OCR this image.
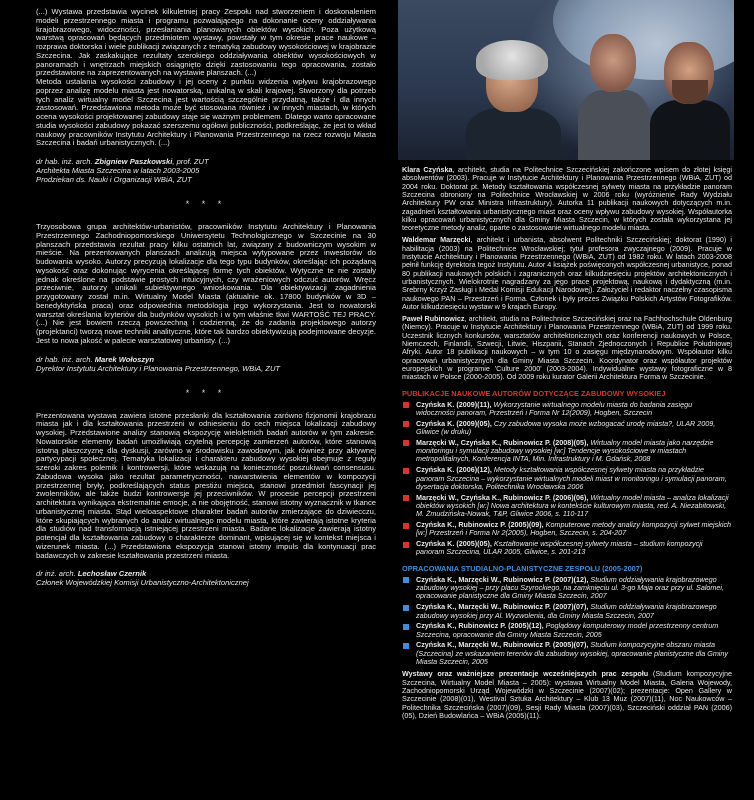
(...) Wystawa przedstawia wycinek kilkuletniej pracy Zespołu nad stworzeniem i doskonaleniem modeli przestrzennego miasta i programu pozwalającego na dokonanie oceny oddziaływania krajobrazowego, widoczności, przesłaniania planowanych obiektów wysokich. Poza użytkową warstwą opracowań będących przedmiotem wystawy, powstały w tym okresie prace naukowe – rozprawa doktorska i wiele publikacji związanych z tematyką zabudowy wysokościowej w krajobrazie Szczecina. Jak zaskakujące rezultaty szerokiego oddziaływania obiektów wysokościowych w panoramach i wnętrzach miejskich osiągnięto dzięki zastosowaniu tego opracowania, zostało przedstawione na zaprezentowanych na wystawie planszach. (...)

Metoda ustalania wysokości zabudowy i jej oceny z punktu widzenia wpływu krajobrazowego poprzez analizę modelu miasta jest nowatorską, unikalną w skali krajowej. Stworzony dla potrzeb tych analiz wirtualny model Szczecina jest wartością szczególnie przydatną, także i dla innych zastosowań. Przedstawiona metoda może być stosowana również i w innych miastach, w których ocena wysokości projektowanej zabudowy staje się ważnym problemem. Dlatego warto opracowane studia wysokości zabudowy pokazać szerszemu ogółowi publiczności, podkreślając, że jest to wkład naukowy pracowników Instytutu Architektury i Planowania Przestrzennego na rzecz rozwoju Miasta Szczecina i badań urbanistycznych. (...)

dr hab. inż. arch. Zbigniew Paszkowski, prof. ZUT
Architekta Miasta Szczecina w latach 2003-2005
Prodziekan ds. Nauki i Organizacji WBiA, ZUT
* * *

Trzyosobowa grupa architektów-urbanistów, pracowników Instytutu Architektury i Planowania Przestrzennego Zachodniopomorskiego Uniwersytetu Technologicznego w Szczecinie na 30 planszach przedstawia rezultat pracy kilku ostatnich lat, związany z budowniczym wysokim w mieście. Na prezentowanych planszach analizują miejsca wytypowane przez inwestorów do budowania wysoko. Autorzy precyzują lokalizacje dla tego typu budynków, określając ich pożądaną wysokość oraz dokonując wyrycenia określającej formę tych obiektów. Wytyczne te nie zostały jednak określone na podstawie prostych intuicyjnych, czy wrażeniowych odczuć autorów. Wręcz przeciwnie, autorzy unikali subiektywnego wnioskowania. Dla obiektywizacji zagadnienia przygotowany został m.in. Wirtualny Model Miasta (aktualnie ok. 17800 budynków w 3D – benedyktyńska praca) oraz odpowiednia metodologia jego wykorzystania. Jest to nowatorski warsztat określania kryteriów dla budynków wysokich i w tym właśnie tkwi WARTOŚĆ TEJ PRACY. (...) Nie jest bowiem rzeczą powszechną i codzienną, że do zadania projektowego autorzy (projektanci) tworzą nowe techniki analityczne, które tak bardzo obiektywizują podejmowane decyzje. Jest to nowa jakość w palecie warsztatowej urbanisty. (...)

dr hab. inż. arch. Marek Wołoszyn
Dyrektor Instytutu Architektury i Planowania Przestrzennego, WBiA, ZUT
* * *

Prezentowana wystawa zawiera istotne przesłanki dla kształtowania zarówno fizjonomii krajobrazu miasta jak i dla kształtowania przestrzeni w odniesieniu do cech miejsca lokalizacji zabudowy wysokiej. Przedstawione analizy stanowią ekspozycję wieloletnich badań autorów w tym zakresie. Nowatorskie elementy badań umożliwiają czytelną percepcję zamierzeń autorów, które stanowią istotną płaszczyznę dla dyskusji, zarówno w środowisku zawodowym, jak również przy aktywnej partycypacji społecznej. Tematyka lokalizacji i charakteru zabudowy wysokiej obejmuje z reguły szeroki zakres polemik i kontrowersji, które wskazują na konieczność poszukiwań consensusu. Zabudowa wysoka jako rezultat parametryczności, nawarstwienia elementów w kompozycji przestrzennej bryły, podkreślających status prestiżu miejsca, stanowi przedmiot fascynacji jej zwolenników, ale także budzi kontrowersje jej przeciwników. W procesie percepcji przestrzeni architektura wynikająca ekstremalnie emocje, a nie obojętność, stanowi istotny wyznacznik w tkance urbanistycznej miasta. Stąd wieloaspektowe charakter badań autorów zmierzające do dziwiecczu, które skupiających wybranych do analiz wirtualnego modelu miasta, które zawierają istotne kryteria dla studiów nad transformacją istniejącej przestrzeni miasta. Badane lokalizacje zawierają istotny potencjał dla kształtowania zabudowy o charakterze dominant, wpisującej się w kontekst miejsca i wizerunek miasta. (...) Przedstawiona ekspozycja stanowi istotny impuls dla kontynuacji prac badawczych w zakresie kształtowania przestrzeni miasta.

dr inż. arch. Lechosław Czernik
Członek Wojewódzkiej Komisji Urbanistyczno-Architektonicznej

Klara Czyńska, architekt, studia na Politechnice Szczecińskiej zakończone wpisem do złotej księgi absolwentów (2003). Pracuje w Instytucie Architektury i Planowania Przestrzennego (WBiA, ZUT) od 2004 roku. Doktorat pt. Metody kształtowania współczesnej sylwety miasta na przykładzie panoram Szczecina obroniony na Politechnice Wrocławskiej w 2006 roku (wyróżnienie Rady Wydziału Architektury PW oraz Ministra Infrastruktury). Autorka 11 publikacji naukowych dotyczących m.in. zagadnień kształtowania urbanistycznego miast oraz oceny wpływu zabudowy wysokiej. Współautorka kilku opracowań urbanistycznych dla Gminy Miasta Szczecin, w których została wykorzystana jej teoretyczne metody analiz, oparte o zastosowanie wirtualnego modelu miasta.

Waldemar Marzęcki, architekt i urbanista, absolwent Politechniki Szczecińskiej; doktorat (1990) i habilitacja (2003) na Politechnice Wrocławskiej; tytuł profesora zwyczajnego (2009). Pracuje w Instytucie Architektury i Planowania Przestrzennego (WBiA, ZUT) od 1982 roku. W latach 2003-2008 pełnił funkcję dyrektora tegoż Instytutu. Autor 4 książek poświęconych współczesnej urbanistyce, ponad 80 publikacji naukowych polskich i zagranicznych oraz kilkudziesięciu projektów architektonicznych i urbanistycznych. Wielokrotnie nagradzany za jego prace projektową, naukową i dydaktyczną (m.in. Srebrny Krzyż Zasługi i Medal Komisji Edukacji Narodowej). Założyciel i redaktor naczelny czasopisma naukowego PAN – Przestrzeń i Forma. Członek i były prezes Związku Polskich Artystów Fotografików. Autor kilkudziesięciu wystaw w 9 krajach Europy.

Paweł Rubinowicz, architekt, studia na Politechnice Szczecińskiej oraz na Fachhochschule Oldenburg (Niemcy). Pracuje w Instytucie Architektury i Planowania Przestrzennego (WBiA, ZUT) od 1999 roku. Uczestnik licznych konkursów, warsztatów architektonicznych oraz konferencji naukowych w Polsce, Niemczech, Finlandii, Szwecji, Litwie, Hiszpanii, Stanach Zjednoczonych i Republice Południowej Afryki. Autor 18 publikacji naukowych – w tym 10 o zasięgu międzynarodowym. Współautor kilku opracowań urbanistycznych dla Gminy Miasta Szczecin. Koordynator oraz współautor projektów europejskich w programie 'Culture 2000' (2003-2004). Indywidualne wystawy fotograficzne w 8 miastach w Polsce (2000-2005). Od 2009 roku kurator Galerii Architektura Forma w Szczecinie.

PUBLIKACJE NAUKOWE AUTORÓW DOTYCZĄCE ZABUDOWY WYSOKIEJ
Czyńska K. (2009)(11), Wykorzystanie wirtualnego modelu miasta do badania zasięgu widoczności panoram, Przestrzeń i Forma Nr 12(2009), Hogben, Szczecin
Czyńska K. (2009)(05), Czy zabudowa wysoka może wzbogacać urodę miasta?, ULAR 2009, Gliwice (w druku)
Marzęcki W., Czyńska K., Rubinowicz P. (2008)(05), Wirtualny model miasta jako narzędzie monitoringu i symulacji zabudowy wysokiej [w:] Tendencje wysokościowe w miastach metropolitalnych, Konferencja INTA, Min. Infrastruktury i M. Gdańsk, 2008
Czyńska K. (2006)(12), Metody kształtowania współczesnej sylwety miasta na przykładzie panoram Szczecina – wykorzystanie wirtualnych modeli miast w monitoringu i symulacji panoram, dysertacja doktorska, Politechnika Wrocławska 2006
Marzęcki W., Czyńska K., Rubinowicz P. (2006)(06), Wirtualny model miasta – analiza lokalizacji obiektów wysokich [w:] Nowa architektura w kontekście kulturowym miasta, red. A. Niezabitowski, M. Żmudzińska-Nowak, T&P, Gliwice 2006, s. 110-117
Czyńska K., Rubinowicz P. (2005)(09), Komputerowe metody analizy kompozycji sylwet miejskich [w:] Przestrzeń i Forma Nr 2(2005), Hogben, Szczecin, s. 204-207
Czyńska K. (2005)(05), Kształtowanie współczesnej sylwety miasta – studium kompozycji panoram Szczecina, ULAR 2005, Gliwice, s. 201-213
OPRACOWANIA STUDIALNO-PLANISTYCZNE ZESPOŁU (2005-2007)
Czyńska K., Marzęcki W., Rubinowicz P. (2007)(12), Studium oddziaływania krajobrazowego zabudowy wysokiej – przy placu Szyrockiego, na zamknięciu ul. 3-go Maja oraz przy ul. Salomei, opracowanie planistyczne dla Gminy Miasta Szczecin, 2007
Czyńska K., Marzęcki W., Rubinowicz P. (2007)(07), Studium oddziaływania krajobrazowego zabudowy wysokiej przy Al. Wyzwolenia, dla Gminy Miasta Szczecin, 2007
Czyńska K., Rubinowicz P. (2005)(12), Poglądowy komputerowy model przestrzenny centrum Szczecina, opracowanie dla Gminy Miasta Szczecin, 2005
Czyńska K., Marzęcki W., Rubinowicz P. (2005)(07), Studium kompozycyjne obszaru miasta (Szczecina) ze wskazaniem terenów dla zabudowy wysokiej, opracowanie planistyczne dla Gminy Miasta Szczecin, 2005

Wystawy oraz ważniejsze prezentacje wcześniejszych prac zespołu (Studium kompozycyjne Szczecina, Wirtualny Model Miasta – 2005): wystawa Wirtualny Model Miasta, Galeria Wojewody, Zachodniopomorski Urząd Wojewódzki w Szczecinie (2007)(02); prezentacje: Open Gallery w Szczecinie (2008)(01), Westival Sztuka Architektury – Klub 13 Muz (2007)(11), Noc Naukowców – Politechnika Szczecińska (2007)(09), Sesji Rady Miasta (2007)(03), Szczeciński oddział PAN (2006)(05), Dzień Budowlańca – WBiA (2005)(11).
